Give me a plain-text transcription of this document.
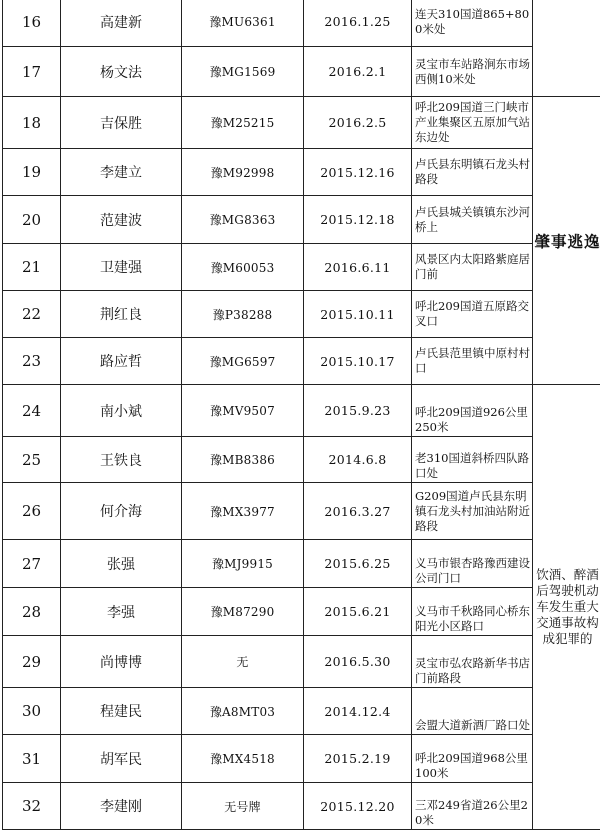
16	高建新	豫MU6361	2016.1.25	连天310国道865+800米处	
17	杨文法	豫MG1569	2016.2.1	灵宝市车站路涧东市场西侧10米处	
18	吉保胜	豫M25215	2016.2.5	呼北209国道三门峡市产业集聚区五原加气站东边处	肇事逃逸
19	李建立	豫M92998	2015.12.16	卢氏县东明镇石龙头村路段	
20	范建波	豫MG8363	2015.12.18	卢氏县城关镇镇东沙河桥上	
21	卫建强	豫M60053	2016.6.11	风景区内太阳路紫庭居门前	
22	荆红良	豫P38288	2015.10.11	呼北209国道五原路交叉口	
23	路应哲	豫MG6597	2015.10.17	卢氏县范里镇中原村村口	
24	南小斌	豫MV9507	2015.9.23	呼北209国道926公里250米	饮酒、醉酒后驾驶机动车发生重大交通事故构成犯罪的
25	王铁良	豫MB8386	2014.6.8	老310国道斜桥四队路口处	
26	何介海	豫MX3977	2016.3.27	G209国道卢氏县东明镇石龙头村加油站附近路段	
27	张强	豫MJ9915	2015.6.25	义马市银杏路豫西建设公司门口	
28	李强	豫M87290	2015.6.21	义马市千秋路同心桥东阳光小区路口	
29	尚博博	无	2016.5.30	灵宝市弘农路新华书店门前路段	
30	程建民	豫A8MT03	2014.12.4	会盟大道新酒厂路口处	
31	胡军民	豫MX4518	2015.2.19	呼北209国道968公里100米	
32	李建刚	无号牌	2015.12.20	三邓249省道26公里20米	
